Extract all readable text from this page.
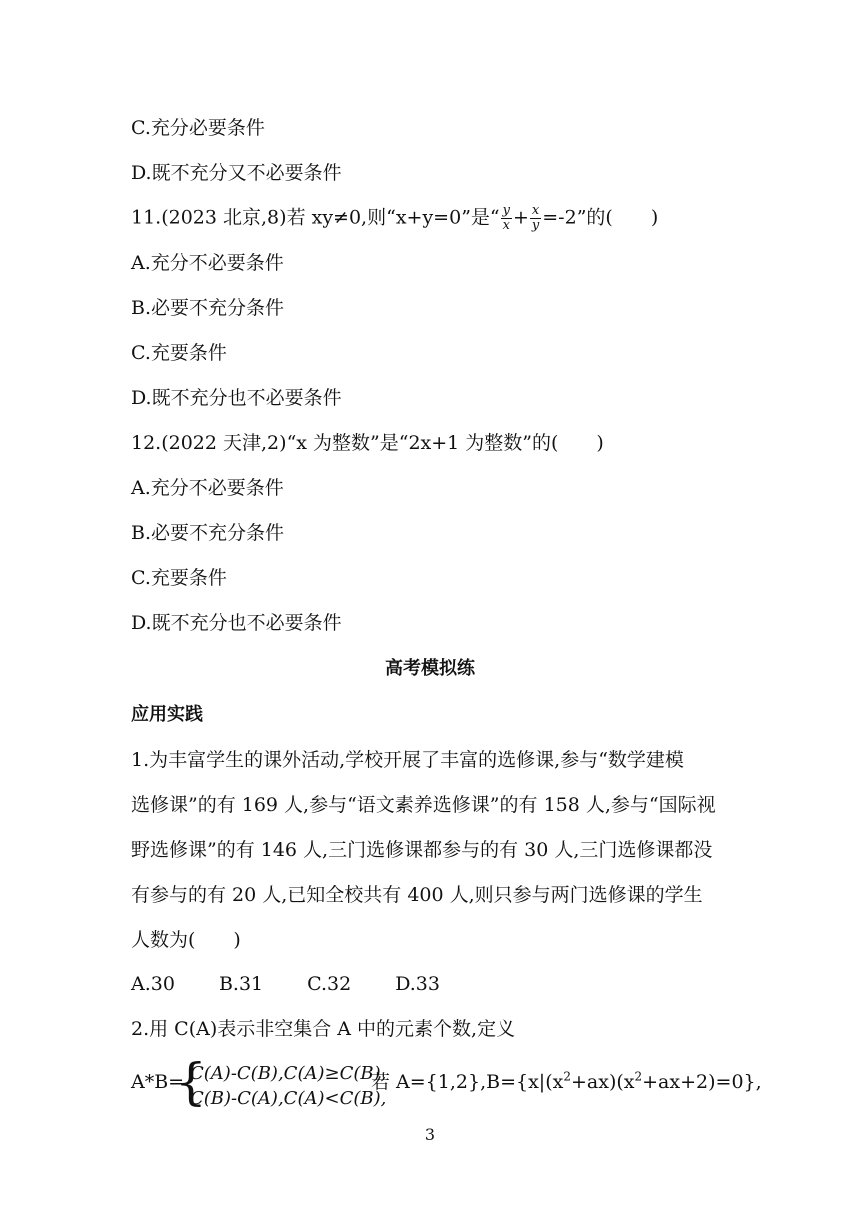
C.充分必要条件
D.既不充分又不必要条件
11.(2023 北京,8)若 xy≠0,则“x+y=0”是“ $\frac{y}{x} + \frac{x}{y} =-2$”的(　　)
A.充分不必要条件
B.必要不充分条件
C.充要条件
D.既不充分也不必要条件
12.(2022 天津,2)“x 为整数”是“2x+1 为整数”的(　　)
A.充分不必要条件
B.必要不充分条件
C.充要条件
D.既不充分也不必要条件
高考模拟练
应用实践
1.为丰富学生的课外活动,学校开展了丰富的选修课,参与“数学建模
选修课”的有 169 人,参与“语文素养选修课”的有 158 人,参与“国际视
野选修课”的有 146 人,三门选修课都参与的有 30 人,三门选修课都没
有参与的有 20 人,已知全校共有 400 人,则只参与两门选修课的学生
人数为(　　)
A.30 B.31 C.32 D.33
2.用 C(A)表示非空集合 A 中的元素个数,定义
A*B=
{
C(A)-C(B),C(A)≥C(B),
C(B)-C(A),C(A)<C(B),
若 $A=\{1,2\},B=\{x|(x^2+ax)(x^2+ax+2)=0\}$,
3
